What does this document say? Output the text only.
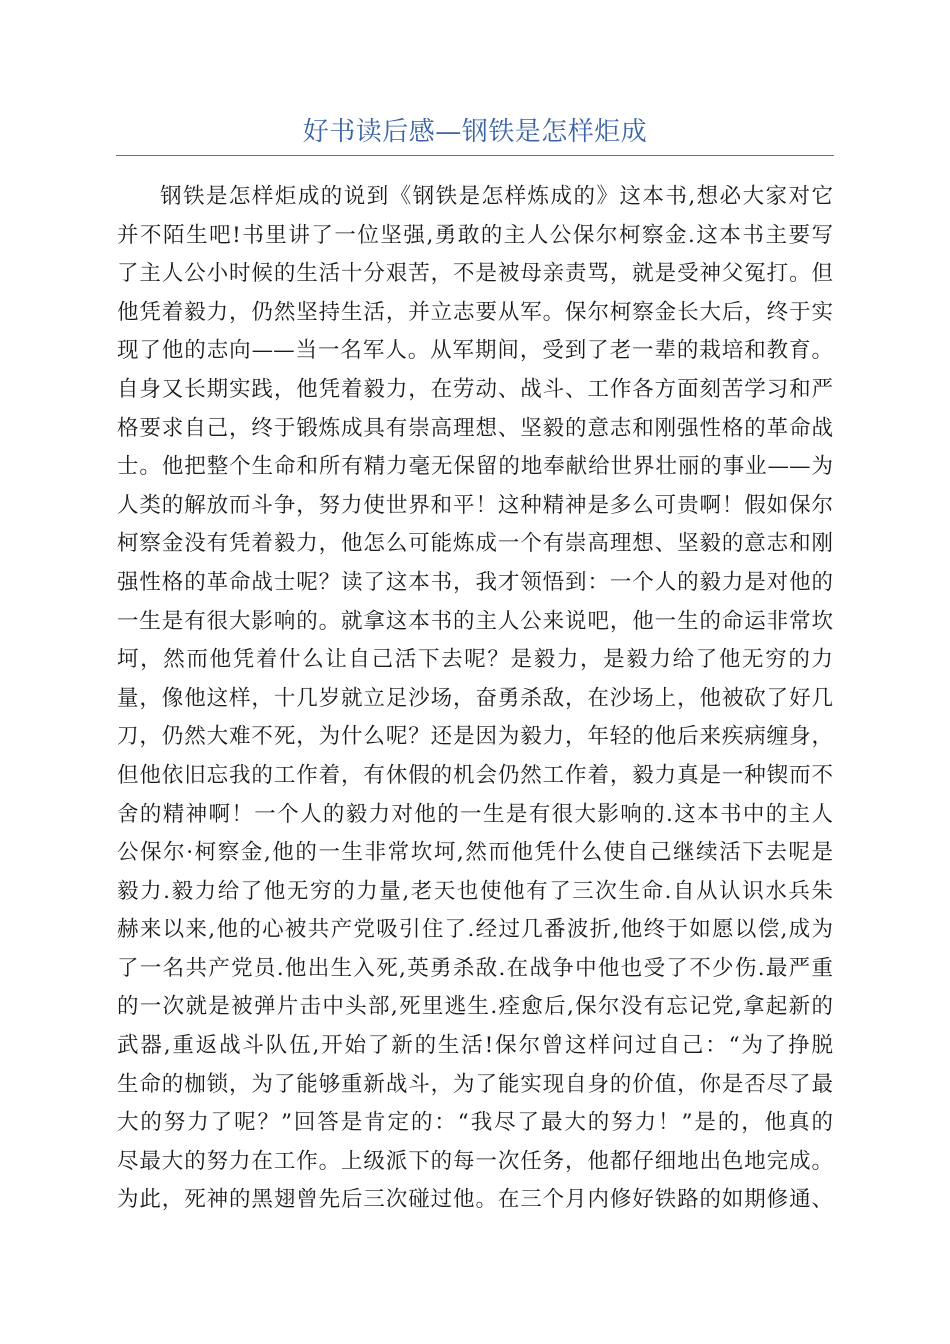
好书读后感—钢铁是怎样炬成
钢铁是怎样炬成的说到《钢铁是怎样炼成的》这本书,想必大家对它
并不陌生吧!书里讲了一位坚强,勇敢的主人公保尔柯察金.这本书主要写
了主人公小时候的生活十分艰苦，不是被母亲责骂，就是受神父冤打。但
他凭着毅力，仍然坚持生活，并立志要从军。保尔柯察金长大后，终于实
现了他的志向——当一名军人。从军期间，受到了老一辈的栽培和教育。
自身又长期实践，他凭着毅力，在劳动、战斗、工作各方面刻苦学习和严
格要求自己，终于锻炼成具有崇高理想、坚毅的意志和刚强性格的革命战
士。他把整个生命和所有精力毫无保留的地奉献给世界壮丽的事业——为
人类的解放而斗争，努力使世界和平！这种精神是多么可贵啊！假如保尔
柯察金没有凭着毅力，他怎么可能炼成一个有崇高理想、坚毅的意志和刚
强性格的革命战士呢？读了这本书，我才领悟到：一个人的毅力是对他的
一生是有很大影响的。就拿这本书的主人公来说吧，他一生的命运非常坎
坷，然而他凭着什么让自己活下去呢？是毅力，是毅力给了他无穷的力
量，像他这样，十几岁就立足沙场，奋勇杀敌，在沙场上，他被砍了好几
刀，仍然大难不死，为什么呢？还是因为毅力，年轻的他后来疾病缠身，
但他依旧忘我的工作着，有休假的机会仍然工作着，毅力真是一种锲而不
舍的精神啊！一个人的毅力对他的一生是有很大影响的.这本书中的主人
公保尔·柯察金,他的一生非常坎坷,然而他凭什么使自己继续活下去呢是
毅力.毅力给了他无穷的力量,老天也使他有了三次生命.自从认识水兵朱
赫来以来,他的心被共产党吸引住了.经过几番波折,他终于如愿以偿,成为
了一名共产党员.他出生入死,英勇杀敌.在战争中他也受了不少伤.最严重
的一次就是被弹片击中头部,死里逃生.痊愈后,保尔没有忘记党,拿起新的
武器,重返战斗队伍,开始了新的生活!保尔曾这样问过自己：“为了挣脱
生命的枷锁，为了能够重新战斗，为了能实现自身的价值，你是否尽了最
大的努力了呢？”回答是肯定的：“我尽了最大的努力！”是的，他真的
尽最大的努力在工作。上级派下的每一次任务，他都仔细地出色地完成。
为此，死神的黑翅曾先后三次碰过他。在三个月内修好铁路的如期修通、
